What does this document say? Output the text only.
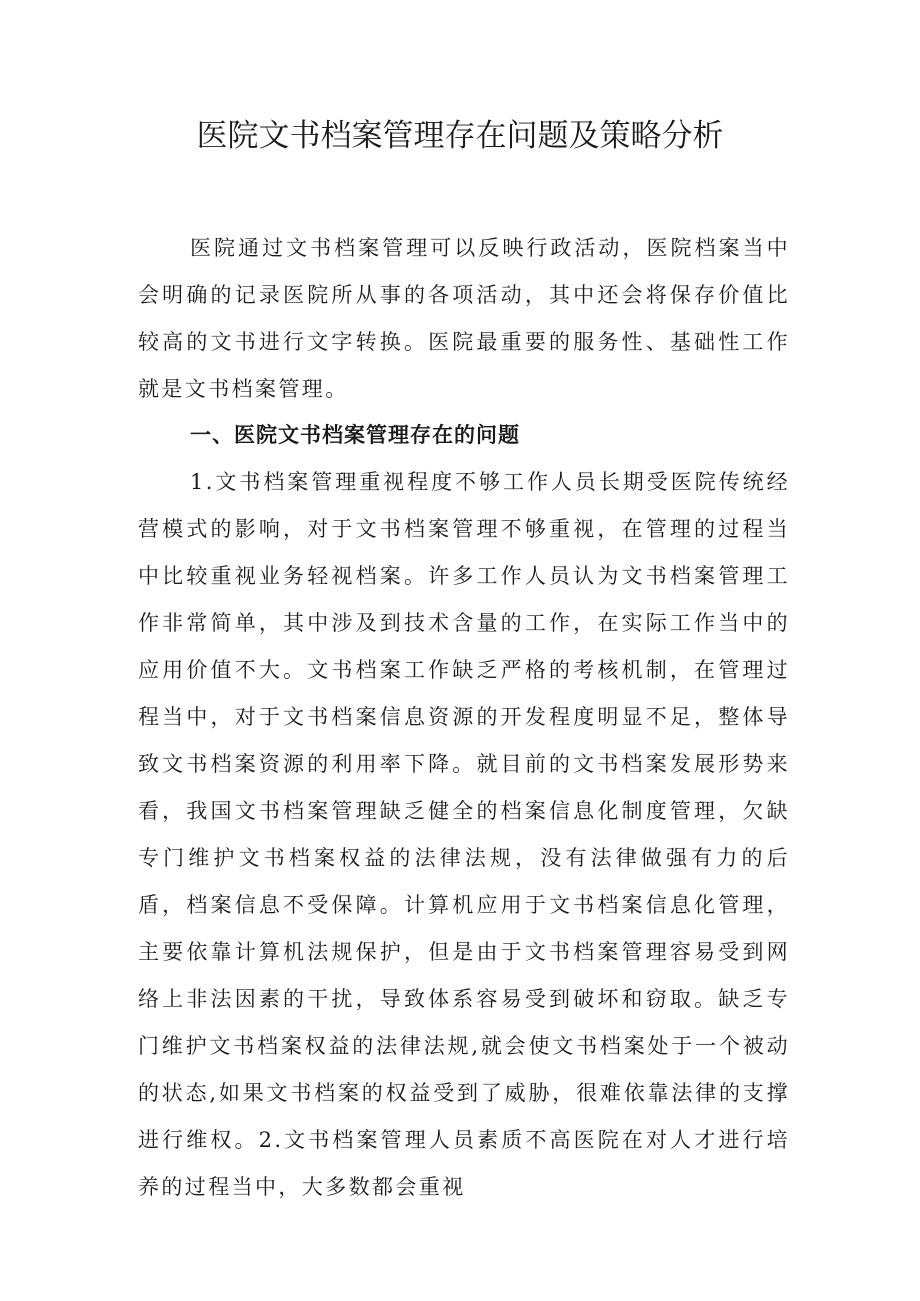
医院文书档案管理存在问题及策略分析

医院通过文书档案管理可以反映行政活动，医院档案当中会明确的记录医院所从事的各项活动，其中还会将保存价值比较高的文书进行文字转换。医院最重要的服务性、基础性工作就是文书档案管理。

一、医院文书档案管理存在的问题

1.文书档案管理重视程度不够工作人员长期受医院传统经营模式的影响，对于文书档案管理不够重视，在管理的过程当中比较重视业务轻视档案。许多工作人员认为文书档案管理工作非常简单，其中涉及到技术含量的工作，在实际工作当中的应用价值不大。文书档案工作缺乏严格的考核机制，在管理过程当中，对于文书档案信息资源的开发程度明显不足，整体导致文书档案资源的利用率下降。就目前的文书档案发展形势来看，我国文书档案管理缺乏健全的档案信息化制度管理，欠缺专门维护文书档案权益的法律法规，没有法律做强有力的后盾，档案信息不受保障。计算机应用于文书档案信息化管理，主要依靠计算机法规保护，但是由于文书档案管理容易受到网络上非法因素的干扰，导致体系容易受到破坏和窃取。缺乏专门维护文书档案权益的法律法规,就会使文书档案处于一个被动的状态,如果文书档案的权益受到了威胁，很难依靠法律的支撑进行维权。2.文书档案管理人员素质不高医院在对人才进行培养的过程当中，大多数都会重视
